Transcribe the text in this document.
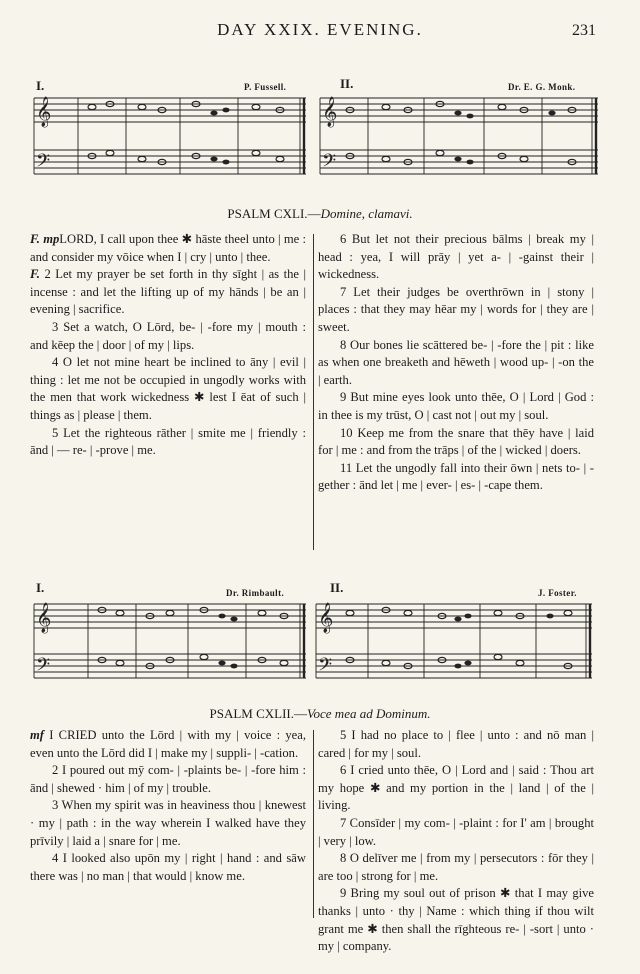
DAY XXIX. EVENING.	231
I.	P. Fussell.	II.	Dr. E. G. Monk.
𝄞
𝄢
𝄞
𝄢
PSALM CXLI.—Domine, clamavi.

F. mpLORD, I call upon thee ✱ hāste theel unto | me : and consider my vōice when I | cry | unto | thee.

F. 2 Let my prayer be set forth in thy sīght | as the | incense : and let the lifting up of my hānds | be an | evening | sacrifice.

3 Set a watch, O Lōrd, be- | -fore my | mouth : and kēep the | door | of my | lips.

4 O let not mine heart be inclined to āny | evil | thing : let me not be occupied in ungodly works with the men that work wickedness ✱ lest I ēat of such | things as | please | them.

5 Let the righteous rāther | smite me | friendly : ānd | — re- | -prove | me.

6 But let not their precious bālms | break my | head : yea, I will prāy | yet a- | -gainst their | wickedness.

7 Let their judges be overthrōwn in | stony | places : that they may hēar my | words for | they are | sweet.

8 Our bones lie scāttered be- | -fore the | pit : like as when one breaketh and hēweth | wood up- | -on the | earth.

9 But mine eyes look unto thēe, O | Lord | God : in thee is my trūst, O | cast not | out my | soul.

10 Keep me from the snare that thēy have | laid for | me : and from the trāps | of the | wicked | doers.

11 Let the ungodly fall into their ōwn | nets to- | -gether : ānd let | me | ever- | es- | -cape them.

I.	Dr. Rimbault.	II.	J. Foster.
𝄞
𝄢
𝄞
𝄢
PSALM CXLII.—Voce mea ad Dominum.

mf I CRIED unto the Lōrd | with my | voice : yea, even unto the Lōrd did I | make my | suppli- | -cation.

2 I poured out mȳ com- | -plaints be- | -fore him : ānd | shewed · him | of my | trouble.

3 When my spirit was in heaviness thou | knewest · my | path : in the way wherein I walked have they prīvily | laid a | snare for | me.

4 I looked also upōn my | right | hand : and sāw there was | no man | that would | know me.

5 I had no place to | flee | unto : and nō man | cared | for my | soul.

6 I cried unto thēe, O | Lord and | said : Thou art my hope ✱ and my portion in the | land | of the | living.

7 Consīder | my com- | -plaint : for I' am | brought | very | low.

8 O delīver me | from my | persecutors : fōr they | are too | strong for | me.

9 Bring my soul out of prison ✱ that I may give thanks | unto · thy | Name : which thing if thou wilt grant me ✱ then shall the rīghteous re- | -sort | unto · my | company.
